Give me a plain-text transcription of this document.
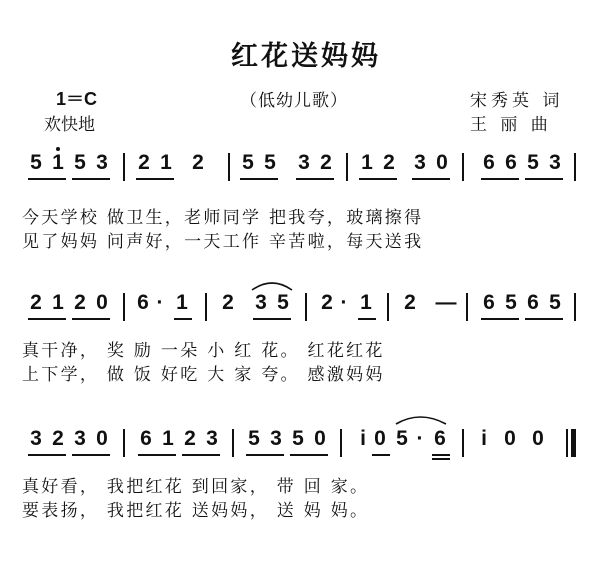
红花送妈妈
1＝C
欢快地
（低幼儿歌）	宋秀英 词
王 丽 曲
5 1 5 3 2 1 2 5 5 3 2 1 2 3 0 6 6 5 3
今天学校 做卫生，老师同学 把我夸，玻璃擦得
见了妈妈 问声好，一天工作 辛苦啦，每天送我
2 1 2 0 6 · 1 2 3 5 2 · 1 2 — 6 5 6 5
真干净， 奖 励 一朵 小 红 花。 红花红花
上下学， 做 饭 好吃 大 家 夸。 感激妈妈
3 2 3 0 6 1 2 3 5 3 5 0 i 0 5 · 6 i 0 0
真好看， 我把红花 到回家， 带 回 家。
要表扬， 我把红花 送妈妈， 送 妈 妈。
